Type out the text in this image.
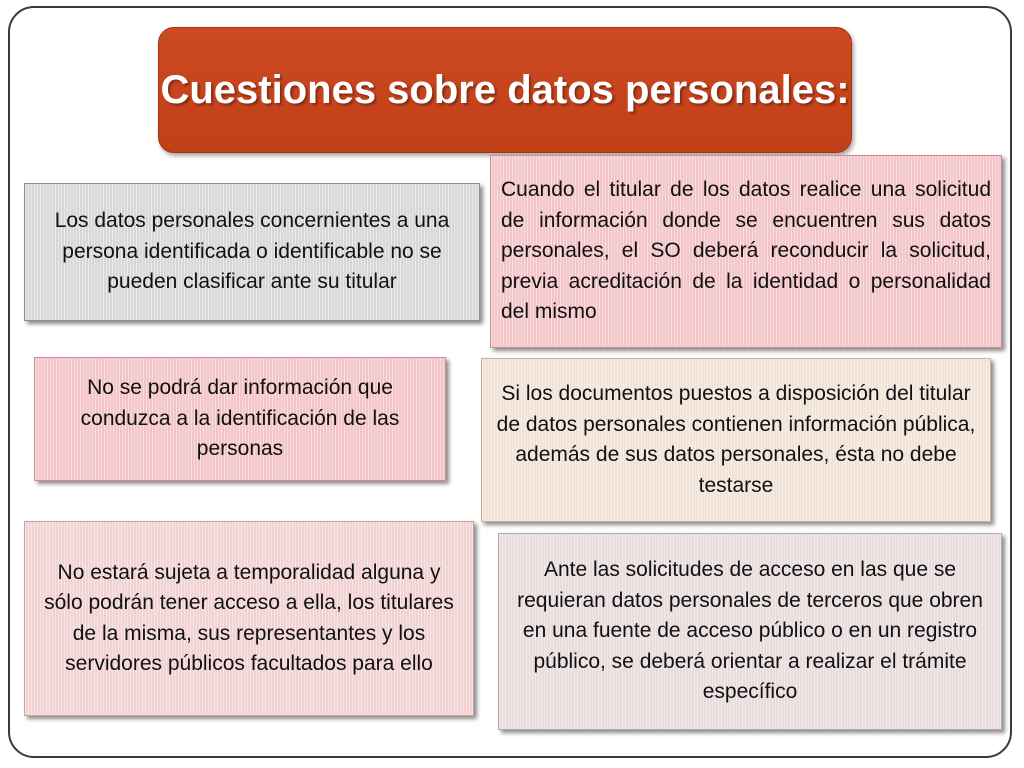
Cuestiones sobre datos personales:

Los datos personales concernientes a una persona identificada o identificable no se pueden clasificar ante su titular

Cuando el titular de los datos realice una solicitud de información donde se encuentren sus datos personales, el SO deberá reconducir la solicitud, previa acreditación de la identidad o personalidad del mismo

No se podrá dar información que conduzca a la identificación de las personas

Si los documentos puestos a disposición del titular de datos personales contienen información pública, además de sus datos personales, ésta no debe testarse

No estará sujeta a temporalidad alguna y sólo podrán tener acceso a ella, los titulares de la misma, sus representantes y los servidores públicos facultados para ello

Ante las solicitudes de acceso en las que se requieran datos personales de terceros que obren en una fuente de acceso público o en un registro público, se deberá orientar a realizar el trámite específico
